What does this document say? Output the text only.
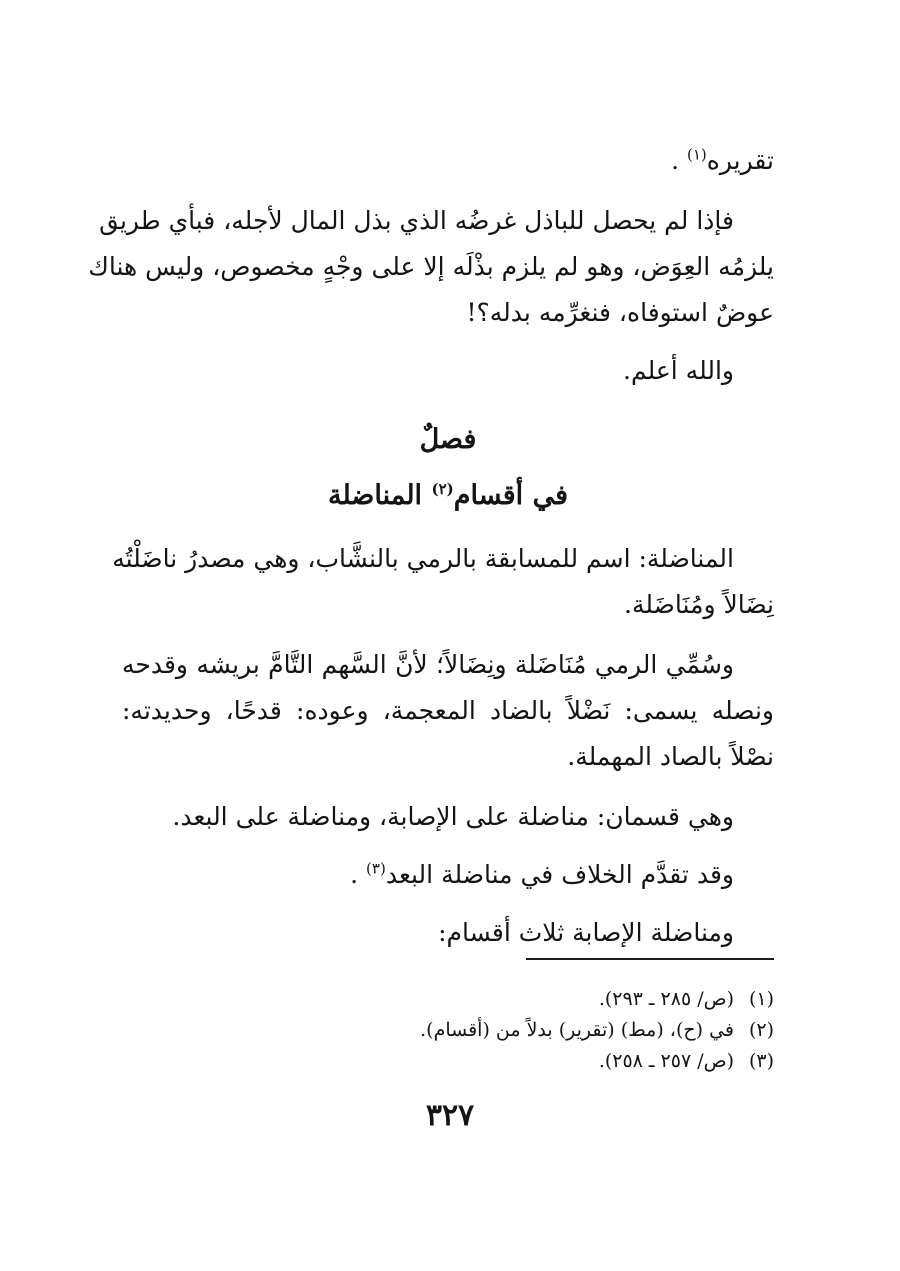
تقريره$^{(١)}$ .

فإذا لم يحصل للباذل غرضُه الذي بذل المال لأجله، فبأي طريق

يلزمُه العِوَض، وهو لم يلزم بذْلَه إلا على وجْهٍ مخصوص، وليس هناك
عوضٌ استوفاه، فنغرِّمه بدله؟!

والله أعلم.

فصلٌ
في أقسام$^{(٢)}$ المناضلة

المناضلة: اسم للمسابقة بالرمي بالنشَّاب، وهي مصدرُ ناضَلْتُه

نِضَالاً ومُنَاضَلة.

وسُمِّي الرمي مُنَاضَلة ونِضَالاً؛ لأنَّ السَّهم التَّامَّ بريشه وقدحه

ونصله يسمى: نَضْلاً بالضاد المعجمة، وعوده: قدحًا، وحديدته:
نصْلاً بالصاد المهملة.

وهي قسمان: مناضلة على الإصابة، ومناضلة على البعد.

وقد تقدَّم الخلاف في مناضلة البعد$^{(٣)}$ .

ومناضلة الإصابة ثلاث أقسام:

(١)(ص/ ٢٨٥ ـ ٢٩٣).
(٢)في (ح)، (مط) (تقرير) بدلاً من (أقسام).
(٣)(ص/ ٢٥٧ ـ ٢٥٨).
٣٢٧
